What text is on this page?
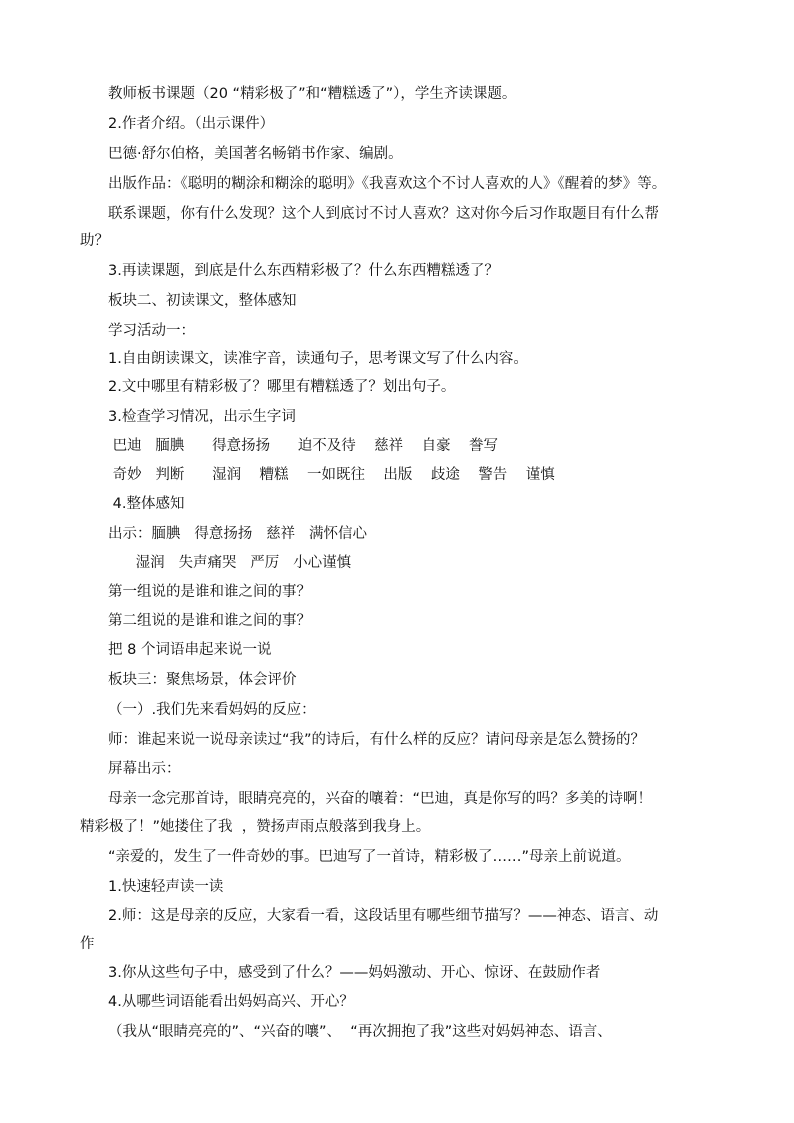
教师板书课题（20 “精彩极了”和“糟糕透了”），学生齐读课题。
2.作者介绍。（出示课件）
巴德·舒尔伯格，美国著名畅销书作家、编剧。
出版作品：《聪明的糊涂和糊涂的聪明》《我喜欢这个不讨人喜欢的人》《醒着的梦》等。
联系课题，你有什么发现？这个人到底讨不讨人喜欢？这对你今后习作取题目有什么帮
助？
3.再读课题，到底是什么东西精彩极了？什么东西糟糕透了？
板块二、初读课文，整体感知
学习活动一：
1.自由朗读课文，读准字音，读通句子，思考课文写了什么内容。
2.文中哪里有精彩极了？哪里有糟糕透了？划出句子。
3.检查学习情况，出示生字词
巴迪   腼腆      得意扬扬      迫不及待    慈祥    自豪    誊写
奇妙   判断      湿润    糟糕    一如既往    出版    歧途    警告    谨慎
4.整体感知
出示：腼腆   得意扬扬   慈祥   满怀信心
湿润   失声痛哭   严厉   小心谨慎
第一组说的是谁和谁之间的事？
第二组说的是谁和谁之间的事？
把 8 个词语串起来说一说
板块三：聚焦场景，体会评价
（一）.我们先来看妈妈的反应：
师：谁起来说一说母亲读过“我”的诗后，有什么样的反应？请问母亲是怎么赞扬的？
屏幕出示：
母亲一念完那首诗，眼睛亮亮的，兴奋的嚷着：“巴迪，真是你写的吗？多美的诗啊！
精彩极了！”她搂住了我  ，赞扬声雨点般落到我身上。
“亲爱的，发生了一件奇妙的事。巴迪写了一首诗，精彩极了……”母亲上前说道。
1.快速轻声读一读
2.师：这是母亲的反应，大家看一看，这段话里有哪些细节描写？——神态、语言、动
作
3.你从这些句子中，感受到了什么？——妈妈激动、开心、惊讶、在鼓励作者
4.从哪些词语能看出妈妈高兴、开心？
（我从“眼睛亮亮的”、“兴奋的嚷”、  “再次拥抱了我”这些对妈妈神态、语言、
